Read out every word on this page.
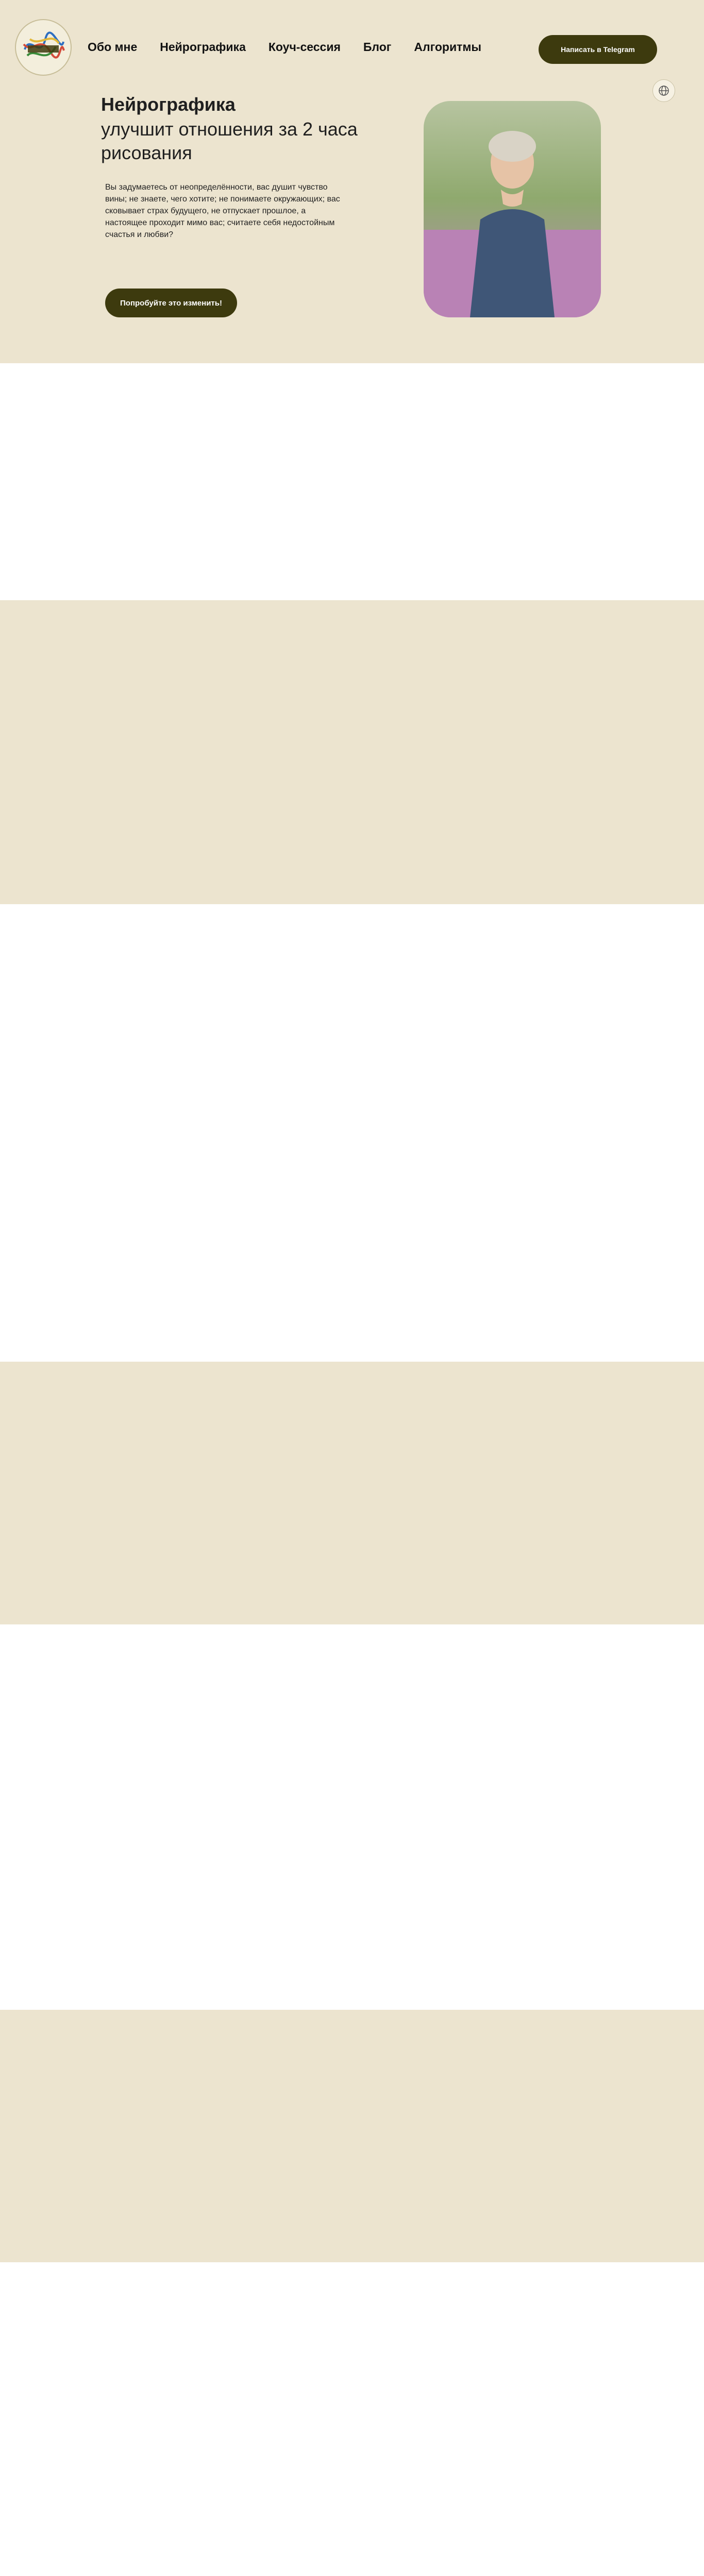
Обо мне Нейрографика Коуч-сессия Блог Алгоритмы	Написать в Telegram
Нейрографика
улучшит отношения за 2 часа рисования
Вы задумаетесь от неопределённости, вас душит чувство вины; не знаете, чего хотите; не понимаете окружающих; вас сковывает страх будущего, не отпускает прошлое, а настоящее проходит мимо вас; считаете себя недостойным счастья и любви?
Попробуйте это изменить!
